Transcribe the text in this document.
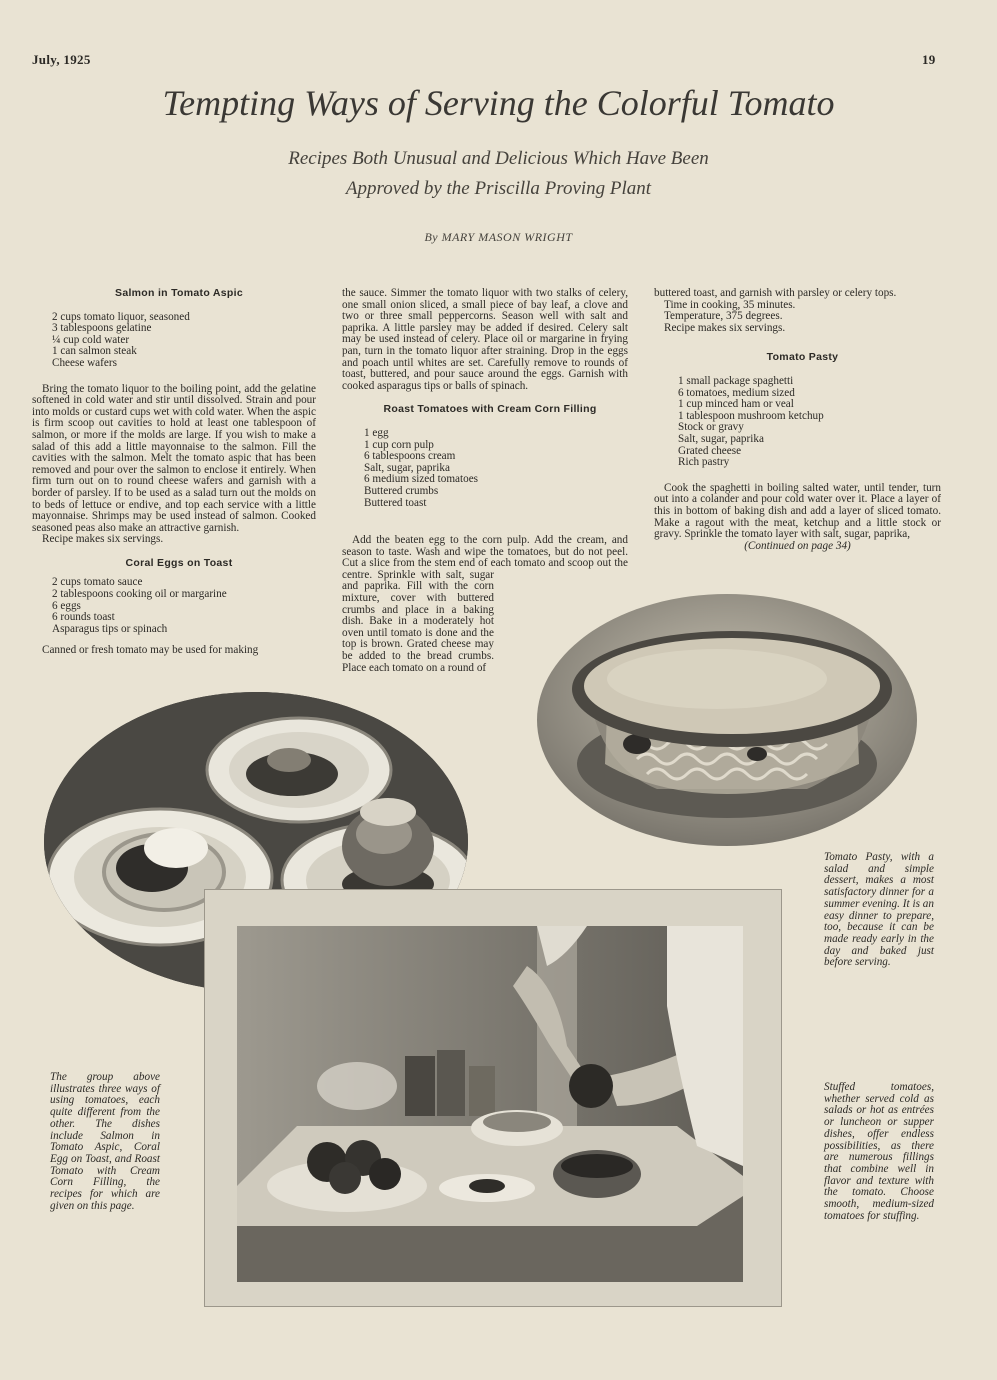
July, 1925	19
Tempting Ways of Serving the Colorful Tomato
Recipes Both Unusual and Delicious Which Have Been
Approved by the Priscilla Proving Plant
By MARY MASON WRIGHT

Salmon in Tomato Aspic

2 cups tomato liquor, seasoned
3 tablespoons gelatine
¼ cup cold water
1 can salmon steak
Cheese wafers

Bring the tomato liquor to the boiling point, add the gelatine softened in cold water and stir until dissolved. Strain and pour into molds or custard cups wet with cold water. When the aspic is firm scoop out cavities to hold at least one tablespoon of salmon, or more if the molds are large. If you wish to make a salad of this add a little mayonnaise to the salmon. Fill the cavities with the salmon. Melt the tomato aspic that has been removed and pour over the salmon to enclose it entirely. When firm turn out on to round cheese wafers and garnish with a border of parsley. If to be used as a salad turn out the molds on to beds of lettuce or endive, and top each service with a little mayonnaise. Shrimps may be used instead of salmon. Cooked seasoned peas also make an attractive garnish.

Recipe makes six servings.

Coral Eggs on Toast

2 cups tomato sauce
2 tablespoons cooking oil or margarine
6 eggs
6 rounds toast
Asparagus tips or spinach

Canned or fresh tomato may be used for making

the sauce. Simmer the tomato liquor with two stalks of celery, one small onion sliced, a small piece of bay leaf, a clove and two or three small peppercorns. Season well with salt and paprika. A little parsley may be added if desired. Celery salt may be used instead of celery. Place oil or margarine in frying pan, turn in the tomato liquor after straining. Drop in the eggs and poach until whites are set. Carefully remove to rounds of toast, buttered, and pour sauce around the eggs. Garnish with cooked asparagus tips or balls of spinach.

Roast Tomatoes with Cream Corn Filling

1 egg
1 cup corn pulp
6 tablespoons cream
Salt, sugar, paprika
6 medium sized tomatoes
Buttered crumbs
Buttered toast

Add the beaten egg to the corn pulp. Add the cream, and season to taste. Wash and wipe the tomatoes, but do not peel. Cut a slice from the stem end of each tomato and scoop out the centre. Sprinkle with salt, sugar and paprika. Fill with the corn mixture, cover with buttered crumbs and place in a baking dish. Bake in a moderately hot oven until tomato is done and the top is brown. Grated cheese may be added to the bread crumbs. Place each tomato on a round of

buttered toast, and garnish with parsley or celery tops.

Time in cooking, 35 minutes.

Temperature, 375 degrees.

Recipe makes six servings.

Tomato Pasty

1 small package spaghetti
6 tomatoes, medium sized
1 cup minced ham or veal
1 tablespoon mushroom ketchup
Stock or gravy
Salt, sugar, paprika
Grated cheese
Rich pastry

Cook the spaghetti in boiling salted water, until tender, turn out into a colander and pour cold water over it. Place a layer of this in bottom of baking dish and add a layer of sliced tomato. Make a ragout with the meat, ketchup and a little stock or gravy. Sprinkle the tomato layer with salt, sugar, paprika,

(Continued on page 34)

Tomato Pasty, with a salad and simple dessert, makes a most satisfactory dinner for a summer evening. It is an easy dinner to prepare, too, because it can be made ready early in the day and baked just before serving.
The group above illustrates three ways of using tomatoes, each quite different from the other. The dishes include Salmon in Tomato Aspic, Coral Egg on Toast, and Roast Tomato with Cream Corn Filling, the recipes for which are given on this page.
Stuffed tomatoes, whether served cold as salads or hot as entrées or luncheon or supper dishes, offer endless possibilities, as there are numerous fillings that combine well in flavor and texture with the tomato. Choose smooth, medium-sized tomatoes for stuffing.
